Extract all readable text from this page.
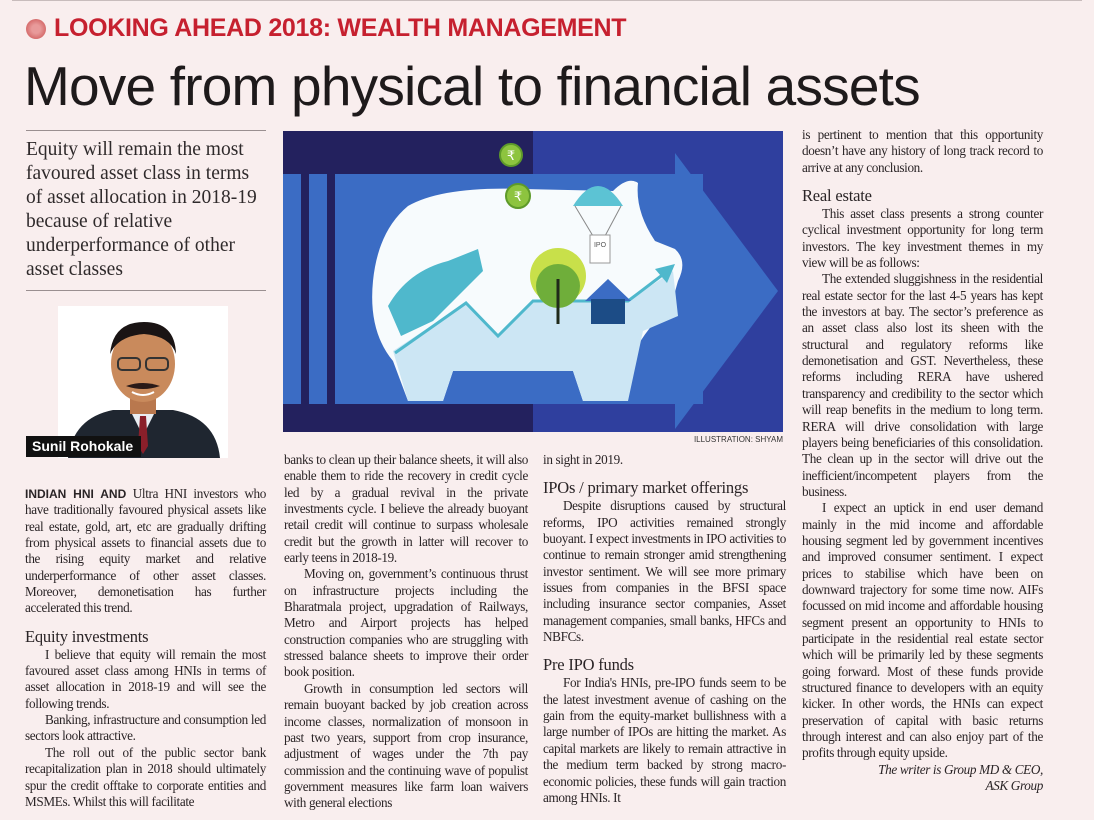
LOOKING AHEAD 2018: WEALTH MANAGEMENT
Move from physical to financial assets
Equity will remain the most favoured asset class in terms of asset allocation in 2018-19 because of relative underperformance of other asset classes
Sunil Rohokale
₹
₹
IPO
ILLUSTRATION: SHYAM

INDIAN HNI AND Ultra HNI investors who have traditionally favoured physical assets like real estate, gold, art, etc are gradually drifting from physical assets to financial assets due to the rising equity market and relative underperformance of other asset classes. Moreover, demonetisation has further accelerated this trend.

Equity investments

I believe that equity will remain the most favoured asset class among HNIs in terms of asset allocation in 2018-19 and will see the following trends.

Banking, infrastructure and consumption led sectors look attractive.

The roll out of the public sector bank recapitalization plan in 2018 should ultimately spur the credit offtake to corporate entities and MSMEs. Whilst this will facilitate

banks to clean up their balance sheets, it will also enable them to ride the recovery in credit cycle led by a gradual revival in the private investments cycle. I believe the already buoyant retail credit will continue to surpass wholesale credit but the growth in latter will recover to early teens in 2018-19.

Moving on, government’s continuous thrust on infrastructure projects including the Bharatmala project, upgradation of Railways, Metro and Airport projects has helped construction companies who are struggling with stressed balance sheets to improve their order book position.

Growth in consumption led sectors will remain buoyant backed by job creation across income classes, normalization of monsoon in past two years, support from crop insurance, adjustment of wages under the 7th pay commission and the continuing wave of populist government measures like farm loan waivers with general elections

in sight in 2019.

IPOs / primary market offerings

Despite disruptions caused by structural reforms, IPO activities remained strongly buoyant. I expect investments in IPO activities to continue to remain stronger amid strengthening investor sentiment. We will see more primary issues from companies in the BFSI space including insurance sector companies, Asset management companies, small banks, HFCs and NBFCs.

Pre IPO funds

For India's HNIs, pre-IPO funds seem to be the latest investment avenue of cashing on the gain from the equity-market bullishness with a large number of IPOs are hitting the market. As capital markets are likely to remain attractive in the medium term backed by strong macro-economic policies, these funds will gain traction among HNIs. It

is pertinent to mention that this opportunity doesn’t have any history of long track record to arrive at any conclusion.

Real estate

This asset class presents a strong counter cyclical investment opportunity for long term investors. The key investment themes in my view will be as follows:

The extended sluggishness in the residential real estate sector for the last 4-5 years has kept the investors at bay. The sector’s preference as an asset class also lost its sheen with the structural and regulatory reforms like demonetisation and GST. Nevertheless, these reforms including RERA have ushered transparency and credibility to the sector which will reap benefits in the medium to long term. RERA will drive consolidation with large players being beneficiaries of this consolidation. The clean up in the sector will drive out the inefficient/incompetent players from the business.

I expect an uptick in end user demand mainly in the mid income and affordable housing segment led by government incentives and improved consumer sentiment. I expect prices to stabilise which have been on downward trajectory for some time now. AIFs focussed on mid income and affordable housing segment present an opportunity to HNIs to participate in the residential real estate sector which will be primarily led by these segments going forward. Most of these funds provide structured finance to developers with an equity kicker. In other words, the HNIs can expect preservation of capital with basic returns through interest and can also enjoy part of the profits through equity upside.

The writer is Group MD & CEO,
ASK Group
